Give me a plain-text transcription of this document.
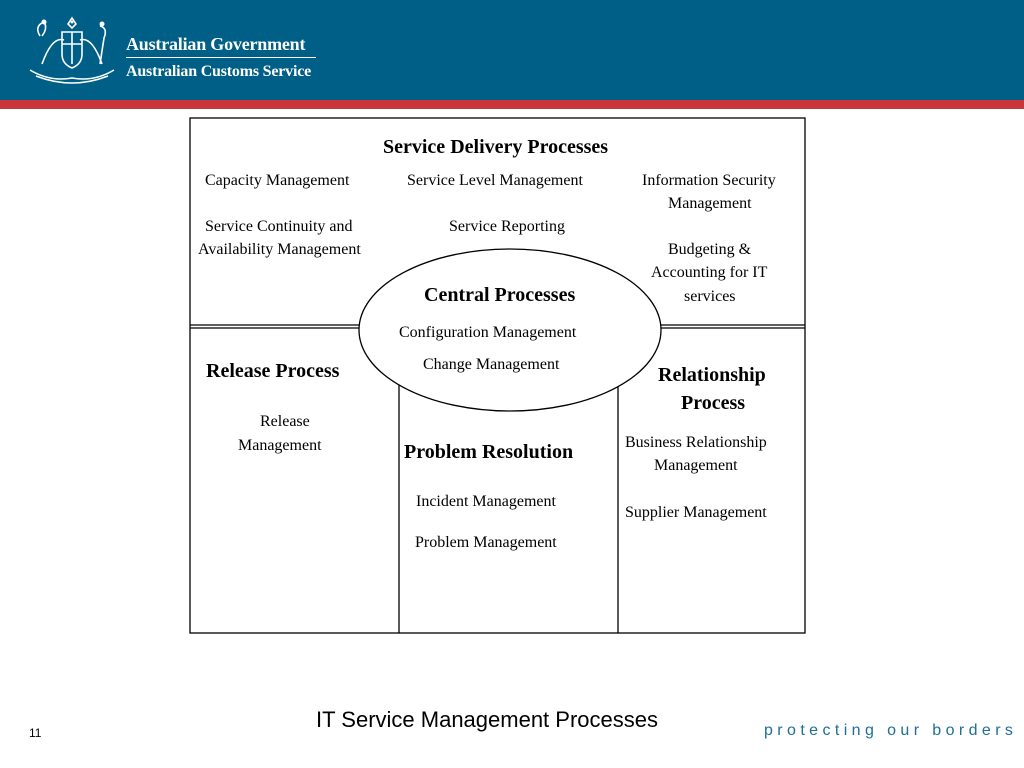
Australian Government
Australian Customs Service
Service Delivery Processes
Capacity Management	Service Level Management	Information Security
Management
Service Continuity and
Availability Management
Service Reporting
Budgeting &
Accounting for IT
services
Central Processes
Configuration Management
Change Management
Release Process
Release
Management	Problem Resolution
Incident Management
Problem Management
Relationship
Process
Business Relationship
Management
Supplier Management
IT Service Management Processes
11	protecting our borders
